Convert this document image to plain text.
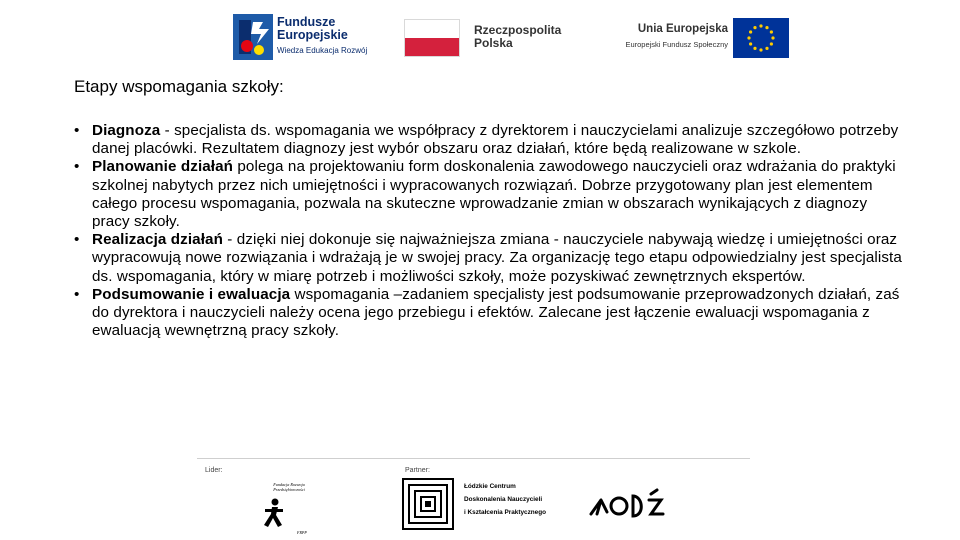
Fundusze
Europejskie
Wiedza Edukacja Rozwój
Rzeczpospolita
Polska
Unia Europejska
Europejski Fundusz Społeczny
Etapy wspomagania szkoły:
• Diagnoza - specjalista ds. wspomagania we współpracy z dyrektorem i nauczycielami analizuje szczegółowo potrzeby danej placówki. Rezultatem diagnozy jest wybór obszaru oraz działań, które będą realizowane w szkole.
• Planowanie działań polega na projektowaniu form doskonalenia zawodowego nauczycieli oraz wdrażania do praktyki szkolnej nabytych przez nich umiejętności i wypracowanych rozwiązań. Dobrze przygotowany plan jest elementem całego procesu wspomagania, pozwala na skuteczne wprowadzanie zmian w obszarach wynikających z diagnozy pracy szkoły.
• Realizacja działań - dzięki niej dokonuje się najważniejsza zmiana - nauczyciele nabywają wiedzę i umiejętności oraz wypracowują nowe rozwiązania i wdrażają je w swojej pracy. Za organizację tego etapu odpowiedzialny jest specjalista ds. wspomagania, który w miarę potrzeb i możliwości szkoły, może pozyskiwać zewnętrznych ekspertów.
• Podsumowanie i ewaluacja wspomagania –zadaniem specjalisty jest podsumowanie przeprowadzonych działań, zaś do dyrektora i nauczycieli należy ocena jego przebiegu i efektów. Zalecane jest łączenie ewaluacji wspomagania z ewaluacją wewnętrzną pracy szkoły.
Lider:	Partner:
Fundacja Rozwoju
Przedsiębiorczości
FRPP
Łódzkie Centrum
Doskonalenia Nauczycieli
i Kształcenia Praktycznego
